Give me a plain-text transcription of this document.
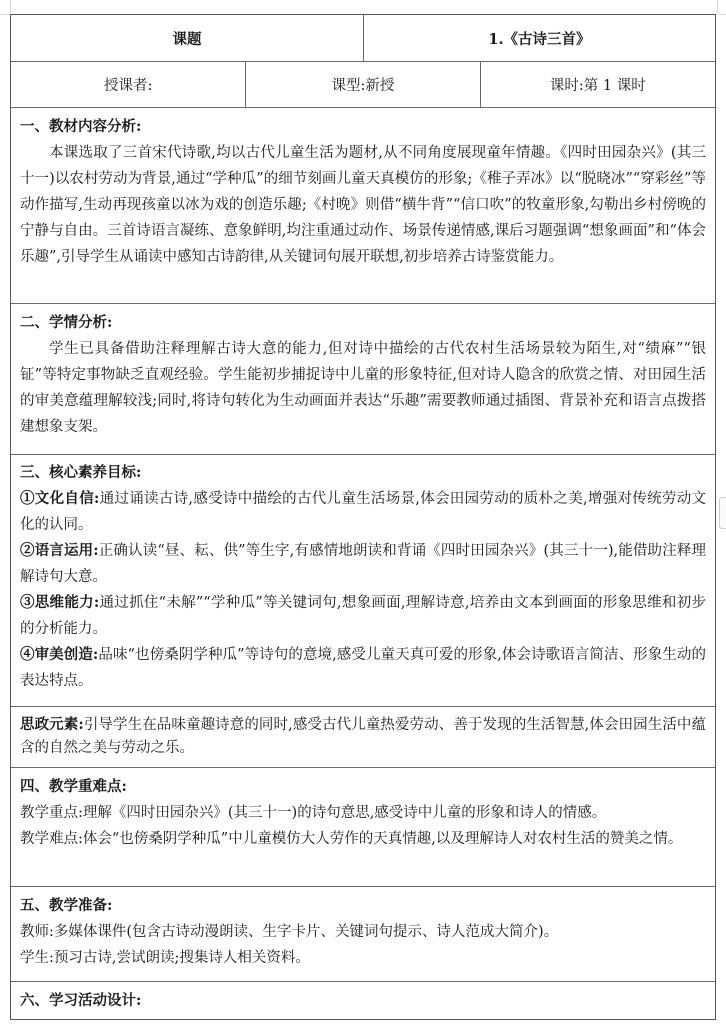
课题	1.《古诗三首》
授课者:	课型:新授	课时:第 1 课时
一、教材内容分析:

本课选取了三首宋代诗歌,均以古代儿童生活为题材,从不同角度展现童年情趣。《四时田园杂兴》(其三十一)以农村劳动为背景,通过“学种瓜”的细节刻画儿童天真模仿的形象;《稚子弄冰》以“脱晓冰”“穿彩丝”等动作描写,生动再现孩童以冰为戏的创造乐趣;《村晚》则借“横牛背”“信口吹”的牧童形象,勾勒出乡村傍晚的宁静与自由。三首诗语言凝练、意象鲜明,均注重通过动作、场景传递情感,课后习题强调“想象画面”和“体会乐趣”,引导学生从诵读中感知古诗韵律,从关键词句展开联想,初步培养古诗鉴赏能力。

二、学情分析:

学生已具备借助注释理解古诗大意的能力,但对诗中描绘的古代农村生活场景较为陌生,对“绩麻”“银钲”等特定事物缺乏直观经验。学生能初步捕捉诗中儿童的形象特征,但对诗人隐含的欣赏之情、对田园生活的审美意蕴理解较浅;同时,将诗句转化为生动画面并表达“乐趣”需要教师通过插图、背景补充和语言点拨搭建想象支架。

三、核心素养目标:

①文化自信:通过诵读古诗,感受诗中描绘的古代儿童生活场景,体会田园劳动的质朴之美,增强对传统劳动文化的认同。

②语言运用:正确认读“昼、耘、供”等生字,有感情地朗读和背诵《四时田园杂兴》(其三十一),能借助注释理解诗句大意。

③思维能力:通过抓住“未解”“学种瓜”等关键词句,想象画面,理解诗意,培养由文本到画面的形象思维和初步的分析能力。

④审美创造:品味“也傍桑阴学种瓜”等诗句的意境,感受儿童天真可爱的形象,体会诗歌语言简洁、形象生动的表达特点。

思政元素:引导学生在品味童趣诗意的同时,感受古代儿童热爱劳动、善于发现的生活智慧,体会田园生活中蕴含的自然之美与劳动之乐。

四、教学重难点:

教学重点:理解《四时田园杂兴》(其三十一)的诗句意思,感受诗中儿童的形象和诗人的情感。

教学难点:体会“也傍桑阴学种瓜”中儿童模仿大人劳作的天真情趣,以及理解诗人对农村生活的赞美之情。

五、教学准备:

教师:多媒体课件(包含古诗动漫朗读、生字卡片、关键词句提示、诗人范成大简介)。

学生:预习古诗,尝试朗读;搜集诗人相关资料。

六、学习活动设计:
